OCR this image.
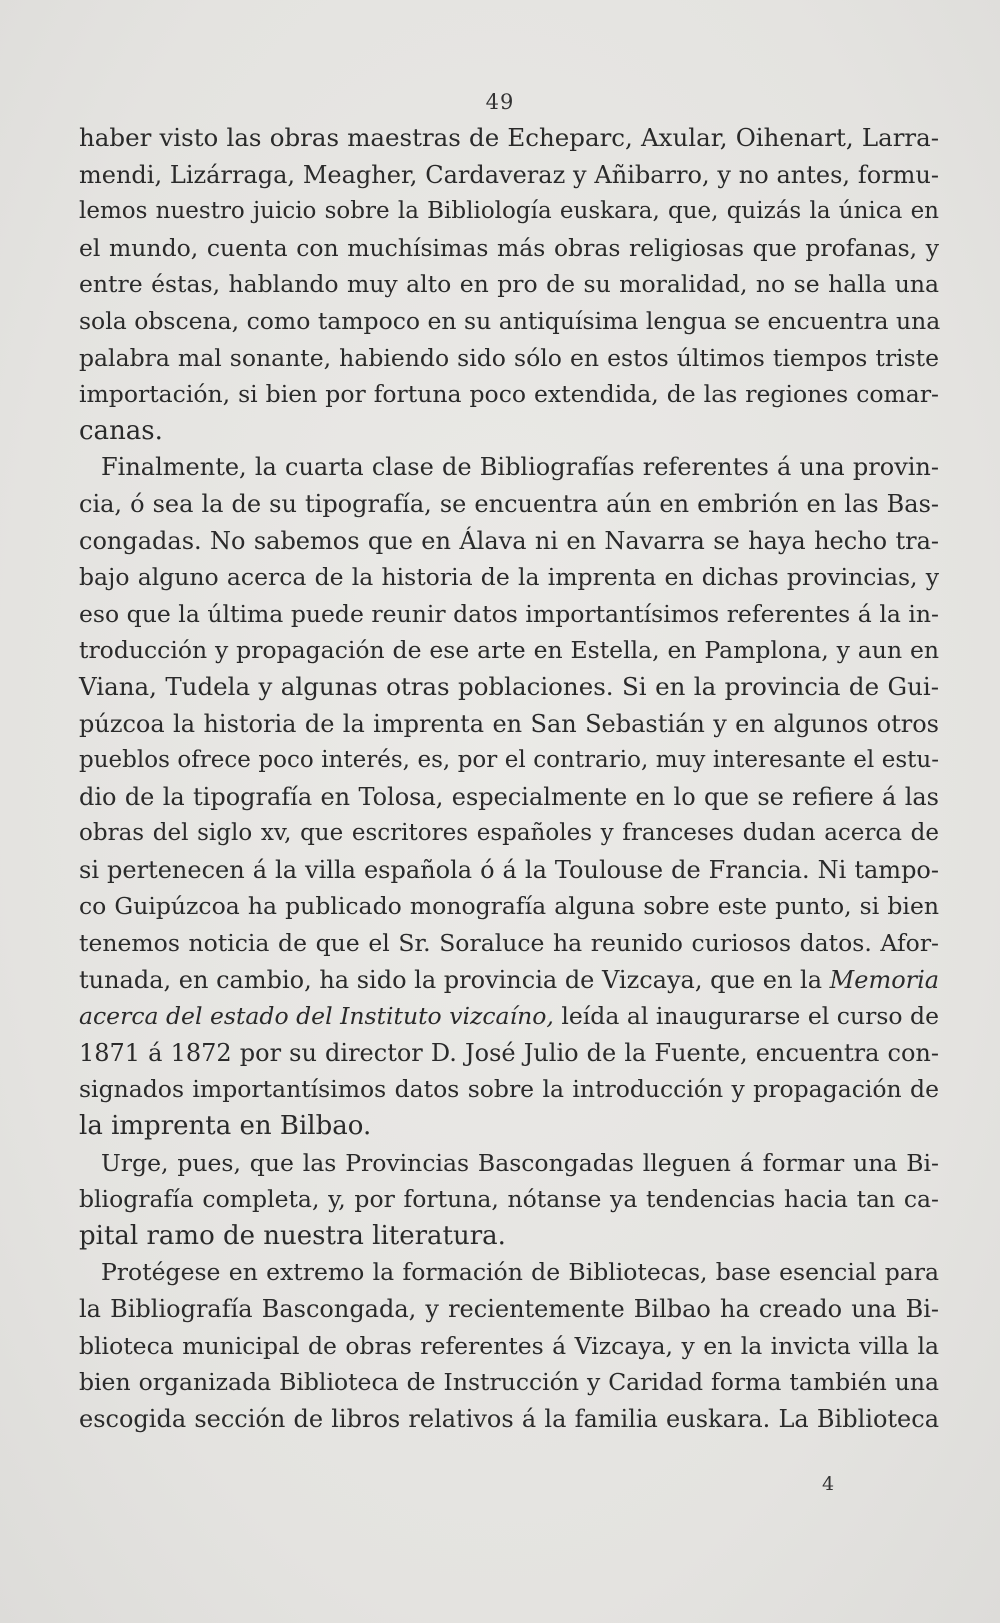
49
haber visto las obras maestras de Echeparc, Axular, Oihenart, Larra-
mendi, Lizárraga, Meagher, Cardaveraz y Añibarro, y no antes, formu-
lemos nuestro juicio sobre la Bibliología euskara, que, quizás la única en
el mundo, cuenta con muchísimas más obras religiosas que profanas, y
entre éstas, hablando muy alto en pro de su moralidad, no se halla una
sola obscena, como tampoco en su antiquísima lengua se encuentra una
palabra mal sonante, habiendo sido sólo en estos últimos tiempos triste
importación, si bien por fortuna poco extendida, de las regiones comar-
canas.
Finalmente, la cuarta clase de Bibliografías referentes á una provin-
cia, ó sea la de su tipografía, se encuentra aún en embrión en las Bas-
congadas. No sabemos que en Álava ni en Navarra se haya hecho tra-
bajo alguno acerca de la historia de la imprenta en dichas provincias, y
eso que la última puede reunir datos importantísimos referentes á la in-
troducción y propagación de ese arte en Estella, en Pamplona, y aun en
Viana, Tudela y algunas otras poblaciones. Si en la provincia de Gui-
púzcoa la historia de la imprenta en San Sebastián y en algunos otros
pueblos ofrece poco interés, es, por el contrario, muy interesante el estu-
dio de la tipografía en Tolosa, especialmente en lo que se refiere á las
obras del siglo xv, que escritores españoles y franceses dudan acerca de
si pertenecen á la villa española ó á la Toulouse de Francia. Ni tampo-
co Guipúzcoa ha publicado monografía alguna sobre este punto, si bien
tenemos noticia de que el Sr. Soraluce ha reunido curiosos datos. Afor-
tunada, en cambio, ha sido la provincia de Vizcaya, que en la Memoria
acerca del estado del Instituto vizcaíno, leída al inaugurarse el curso de
1871 á 1872 por su director D. José Julio de la Fuente, encuentra con-
signados importantísimos datos sobre la introducción y propagación de
la imprenta en Bilbao.
Urge, pues, que las Provincias Bascongadas lleguen á formar una Bi-
bliografía completa, y, por fortuna, nótanse ya tendencias hacia tan ca-
pital ramo de nuestra literatura.
Protégese en extremo la formación de Bibliotecas, base esencial para
la Bibliografía Bascongada, y recientemente Bilbao ha creado una Bi-
blioteca municipal de obras referentes á Vizcaya, y en la invicta villa la
bien organizada Biblioteca de Instrucción y Caridad forma también una
escogida sección de libros relativos á la familia euskara. La Biblioteca
4
